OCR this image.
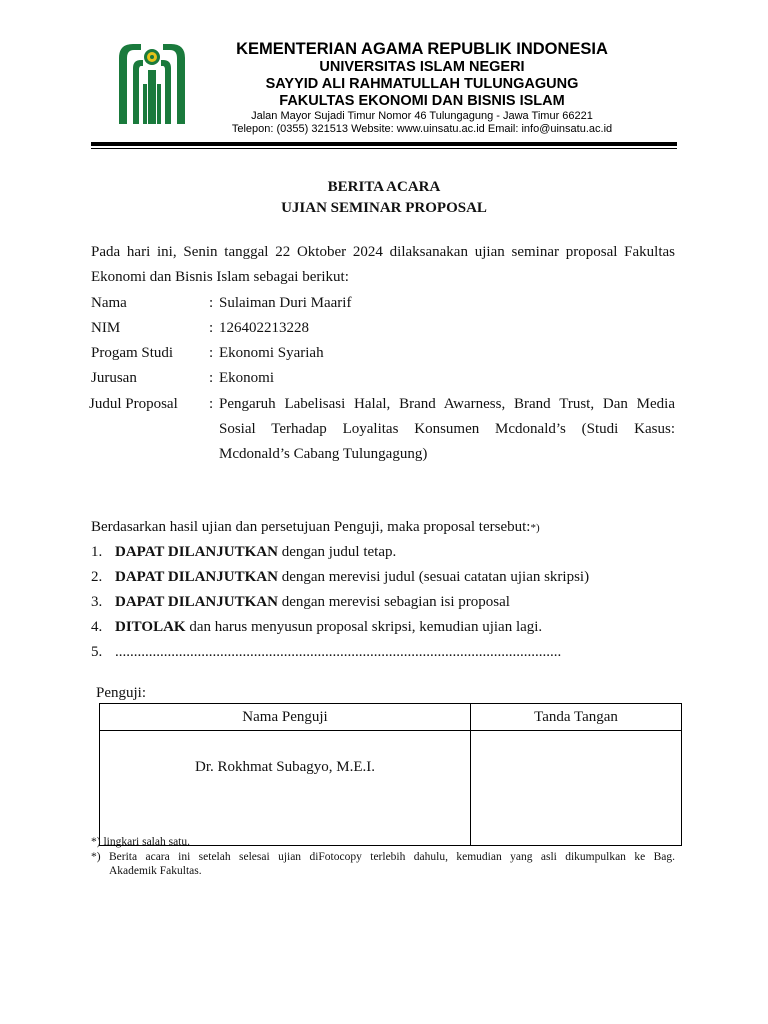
KEMENTERIAN AGAMA REPUBLIK INDONESIA
UNIVERSITAS ISLAM NEGERI
SAYYID ALI RAHMATULLAH TULUNGAGUNG
FAKULTAS EKONOMI DAN BISNIS ISLAM
Jalan Mayor Sujadi Timur Nomor 46 Tulungagung - Jawa Timur 66221
Telepon: (0355) 321513 Website: www.uinsatu.ac.id Email: info@uinsatu.ac.id
BERITA ACARA
UJIAN SEMINAR PROPOSAL
Pada hari ini, Senin tanggal 22 Oktober 2024 dilaksanakan ujian seminar proposal Fakultas Ekonomi dan Bisnis Islam sebagai berikut:
Nama	: Sulaiman Duri Maarif
NIM	: 126402213228
Progam Studi : Ekonomi Syariah
Jurusan	: Ekonomi
Judul Proposal : Pengaruh Labelisasi Halal, Brand Awarness, Brand Trust, Dan Media
Sosial Terhadap Loyalitas Konsumen Mcdonald’s (Studi Kasus:
Mcdonald’s Cabang Tulungagung)
Berdasarkan hasil ujian dan persetujuan Penguji, maka proposal tersebut:*)
1. DAPAT DILANJUTKAN dengan judul tetap.
2. DAPAT DILANJUTKAN dengan merevisi judul (sesuai catatan ujian skripsi)
3. DAPAT DILANJUTKAN dengan merevisi sebagian isi proposal
4. DITOLAK dan harus menyusun proposal skripsi, kemudian ujian lagi.
5. .......................................................................................................................
Penguji:
Nama Penguji	Tanda Tangan
Dr. Rokhmat Subagyo, M.E.I.	
*) lingkari salah satu.
*) Berita acara ini setelah selesai ujian diFotocopy terlebih dahulu, kemudian yang asli dikumpulkan ke Bag.
Akademik Fakultas.
